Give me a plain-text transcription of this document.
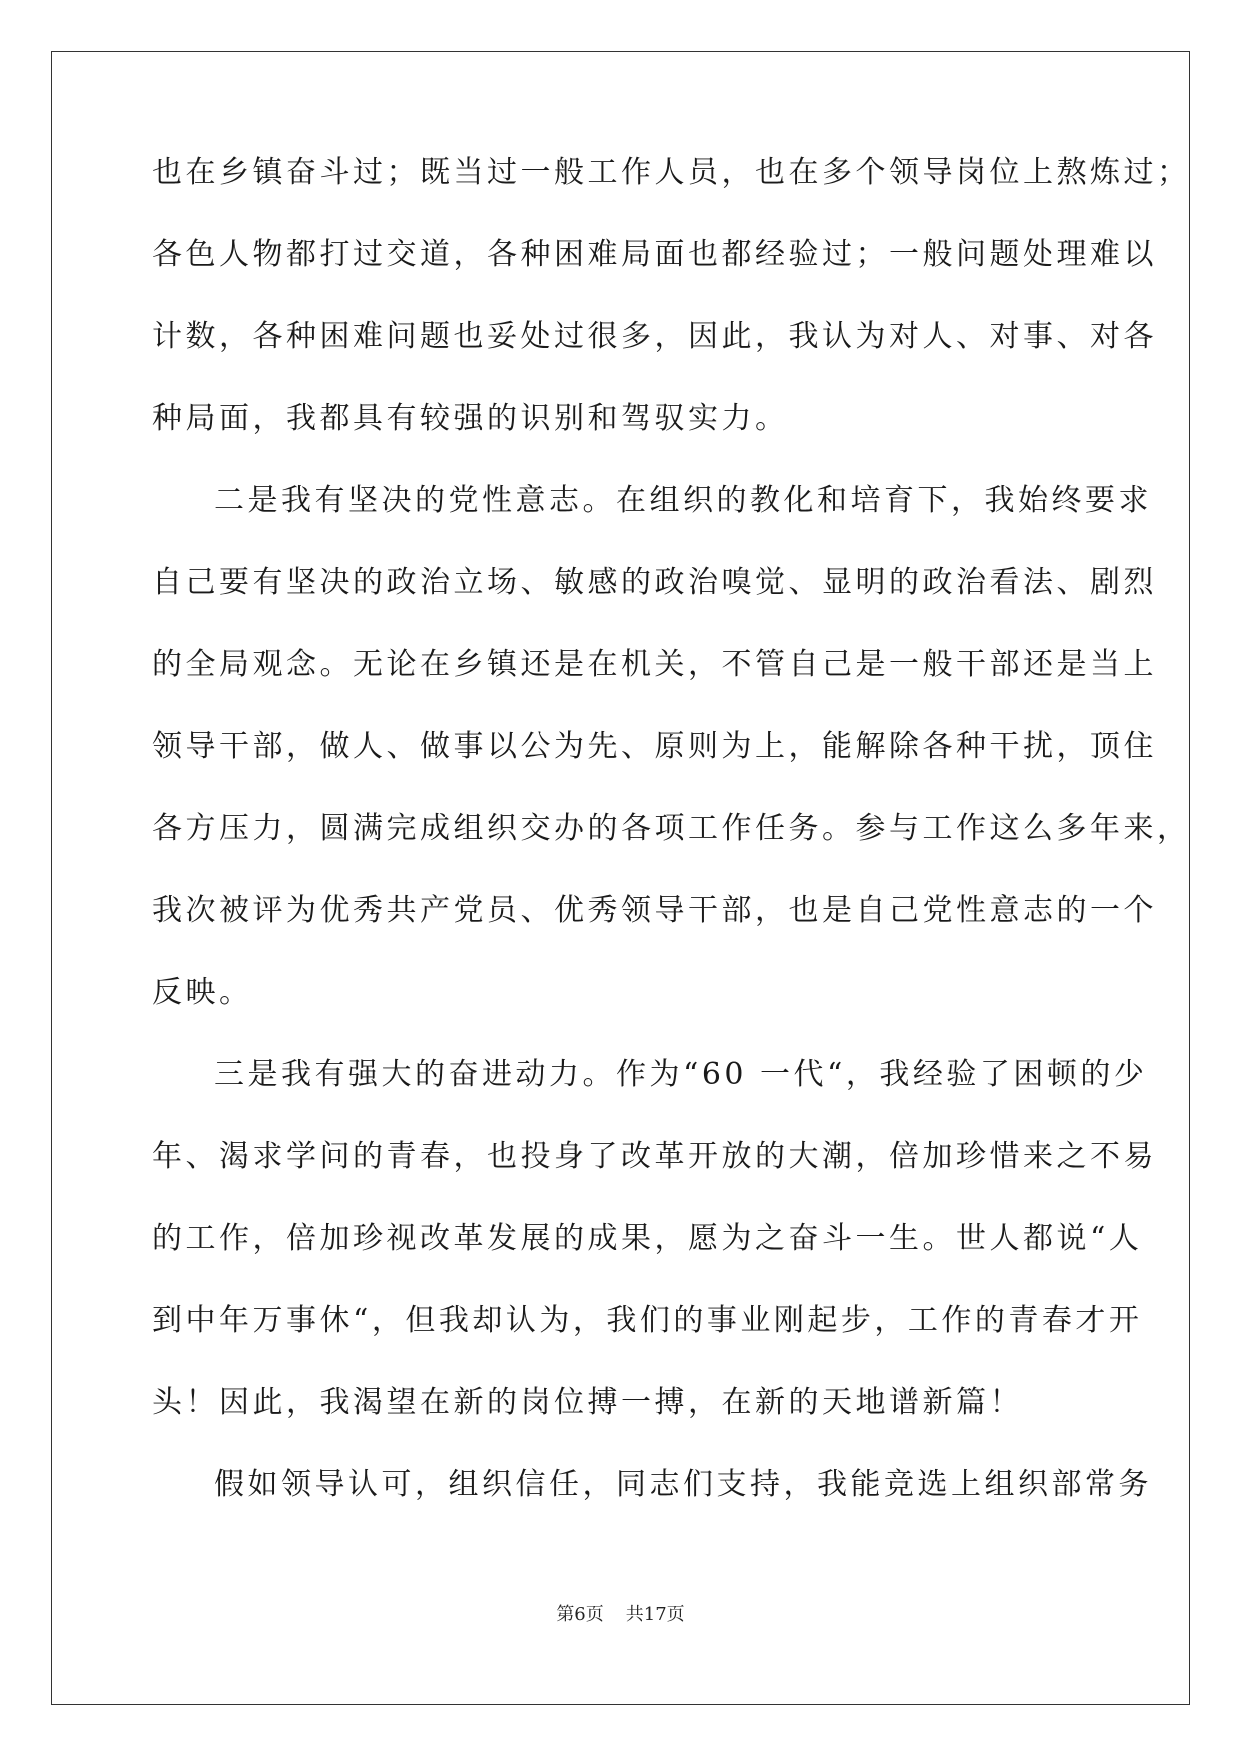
也在乡镇奋斗过；既当过一般工作人员，也在多个领导岗位上熬炼过；
各色人物都打过交道，各种困难局面也都经验过；一般问题处理难以
计数，各种困难问题也妥处过很多，因此，我认为对人、对事、对各
种局面，我都具有较强的识别和驾驭实力。
二是我有坚决的党性意志。在组织的教化和培育下，我始终要求
自己要有坚决的政治立场、敏感的政治嗅觉、显明的政治看法、剧烈
的全局观念。无论在乡镇还是在机关，不管自己是一般干部还是当上
领导干部，做人、做事以公为先、原则为上，能解除各种干扰，顶住
各方压力，圆满完成组织交办的各项工作任务。参与工作这么多年来，
我次被评为优秀共产党员、优秀领导干部，也是自己党性意志的一个
反映。
三是我有强大的奋进动力。作为“60 一代“，我经验了困顿的少
年、渴求学问的青春，也投身了改革开放的大潮，倍加珍惜来之不易
的工作，倍加珍视改革发展的成果，愿为之奋斗一生。世人都说“人
到中年万事休“，但我却认为，我们的事业刚起步，工作的青春才开
头！因此，我渴望在新的岗位搏一搏，在新的天地谱新篇！
假如领导认可，组织信任，同志们支持，我能竞选上组织部常务
第6页 共17页
